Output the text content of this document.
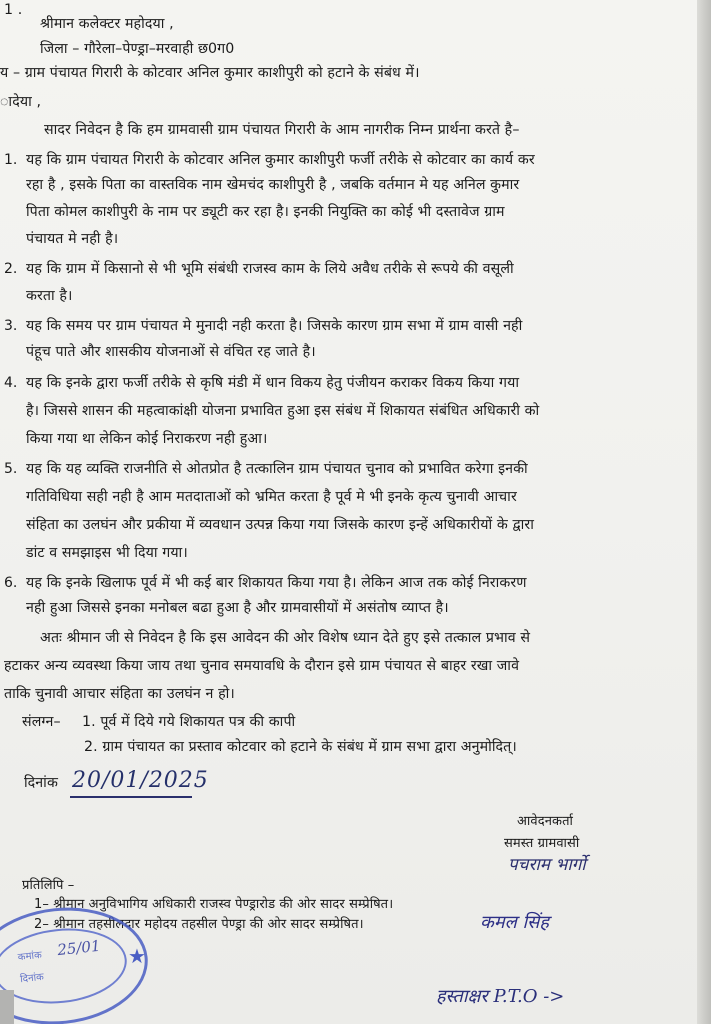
1 .
श्रीमान कलेक्टर महोदया ,
जिला – गौरेला–पेण्ड्रा–मरवाही छ0ग0
य – ग्राम पंचायत गिरारी के कोटवार अनिल कुमार काशीपुरी को हटाने के संबंध में।
ादेया ,
सादर निवेदन है कि हम ग्रामवासी ग्राम पंचायत गिरारी के आम नागरीक निम्न प्रार्थना करते है–
1. यह कि ग्राम पंचायत गिरारी के कोटवार अनिल कुमार काशीपुरी फर्जी तरीके से कोटवार का कार्य कर
रहा है , इसके पिता का वास्तविक नाम खेमचंद काशीपुरी है , जबकि वर्तमान मे यह अनिल कुमार
पिता कोमल काशीपुरी के नाम पर ड्यूटी कर रहा है। इनकी नियुक्ति का कोई भी दस्तावेज ग्राम
पंचायत मे नही है।
2. यह कि ग्राम में किसानो से भी भूमि संबंधी राजस्व काम के लिये अवैध तरीके से रूपये की वसूली
करता है।
3. यह कि समय पर ग्राम पंचायत मे मुनादी नही करता है। जिसके कारण ग्राम सभा में ग्राम वासी नही
पंहूच पाते और शासकीय योजनाओं से वंचित रह जाते है।
4. यह कि इनके द्वारा फर्जी तरीके से कृषि मंडी में धान विकय हेतु पंजीयन कराकर विकय किया गया
है। जिससे शासन की महत्वाकांक्षी योजना प्रभावित हुआ इस संबंध में शिकायत संबंधित अधिकारी को
किया गया था लेकिन कोई निराकरण नही हुआ।
5. यह कि यह व्यक्ति राजनीति से ओतप्रोत है तत्कालिन ग्राम पंचायत चुनाव को प्रभावित करेगा इनकी
गतिविधिया सही नही है आम मतदाताओं को भ्रमित करता है पूर्व मे भी इनके कृत्य चुनावी आचार
संहिता का उलघंन और प्रकीया में व्यवधान उत्पन्न किया गया जिसके कारण इन्हें अधिकारीयों के द्वारा
डांट व समझाइस भी दिया गया।
6. यह कि इनके खिलाफ पूर्व में भी कई बार शिकायत किया गया है। लेकिन आज तक कोई निराकरण
नही हुआ जिससे इनका मनोबल बढा हुआ है और ग्रामवासीयों में असंतोष व्याप्त है।
अतः श्रीमान जी से निवेदन है कि इस आवेदन की ओर विशेष ध्यान देते हुए इसे तत्काल प्रभाव से
हटाकर अन्य व्यवस्था किया जाय तथा चुनाव समयावधि के दौरान इसे ग्राम पंचायत से बाहर रखा जावे
ताकि चुनावी आचार संहिता का उलघंन न हो।
संलग्न– 1. पूर्व में दिये गये शिकायत पत्र की कापी
2. ग्राम पंचायत का प्रस्ताव कोटवार को हटाने के संबंध में ग्राम सभा द्वारा अनुमोदित्।
दिनांक 20/01/2025
आवेदनकर्ता
समस्त ग्रामवासी
पचराम भार्गो
प्रतिलिपि –
1– श्रीमान अनुविभागिय अधिकारी राजस्व पेण्ड्रारोड की ओर सादर सम्प्रेषित।
2– श्रीमान तहसीलदार महोदय तहसील पेण्ड्रा की ओर सादर सम्प्रेषित।	कमल सिंह
कमांक
दिनांक
25/01 ★
हस्ताक्षर P.T.O ->
